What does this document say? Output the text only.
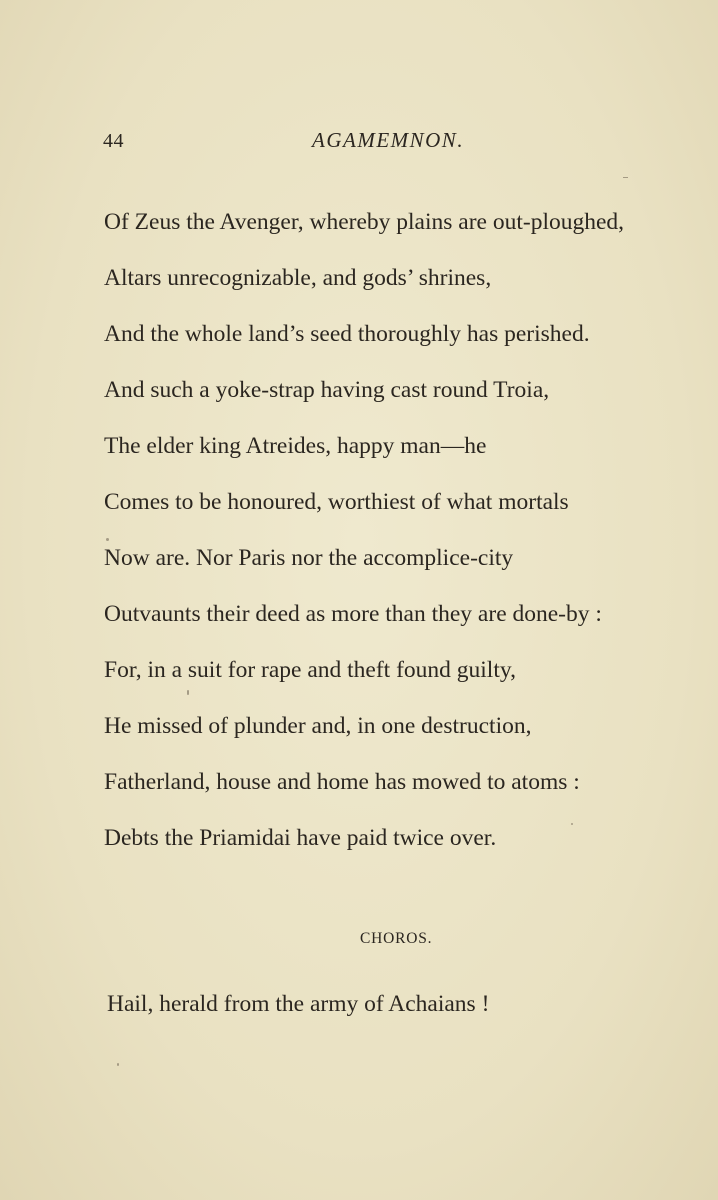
44	AGAMEMNON.
Of Zeus the Avenger, whereby plains are out-ploughed,
Altars unrecognizable, and gods’ shrines,
And the whole land’s seed thoroughly has perished.
And such a yoke-strap having cast round Troia,
The elder king Atreides, happy man—he
Comes to be honoured, worthiest of what mortals
Now are. Nor Paris nor the accomplice-city
Outvaunts their deed as more than they are done-by :
For, in a suit for rape and theft found guilty,
He missed of plunder and, in one destruction,
Fatherland, house and home has mowed to atoms :
Debts the Priamidai have paid twice over.
CHOROS.
Hail, herald from the army of Achaians !
